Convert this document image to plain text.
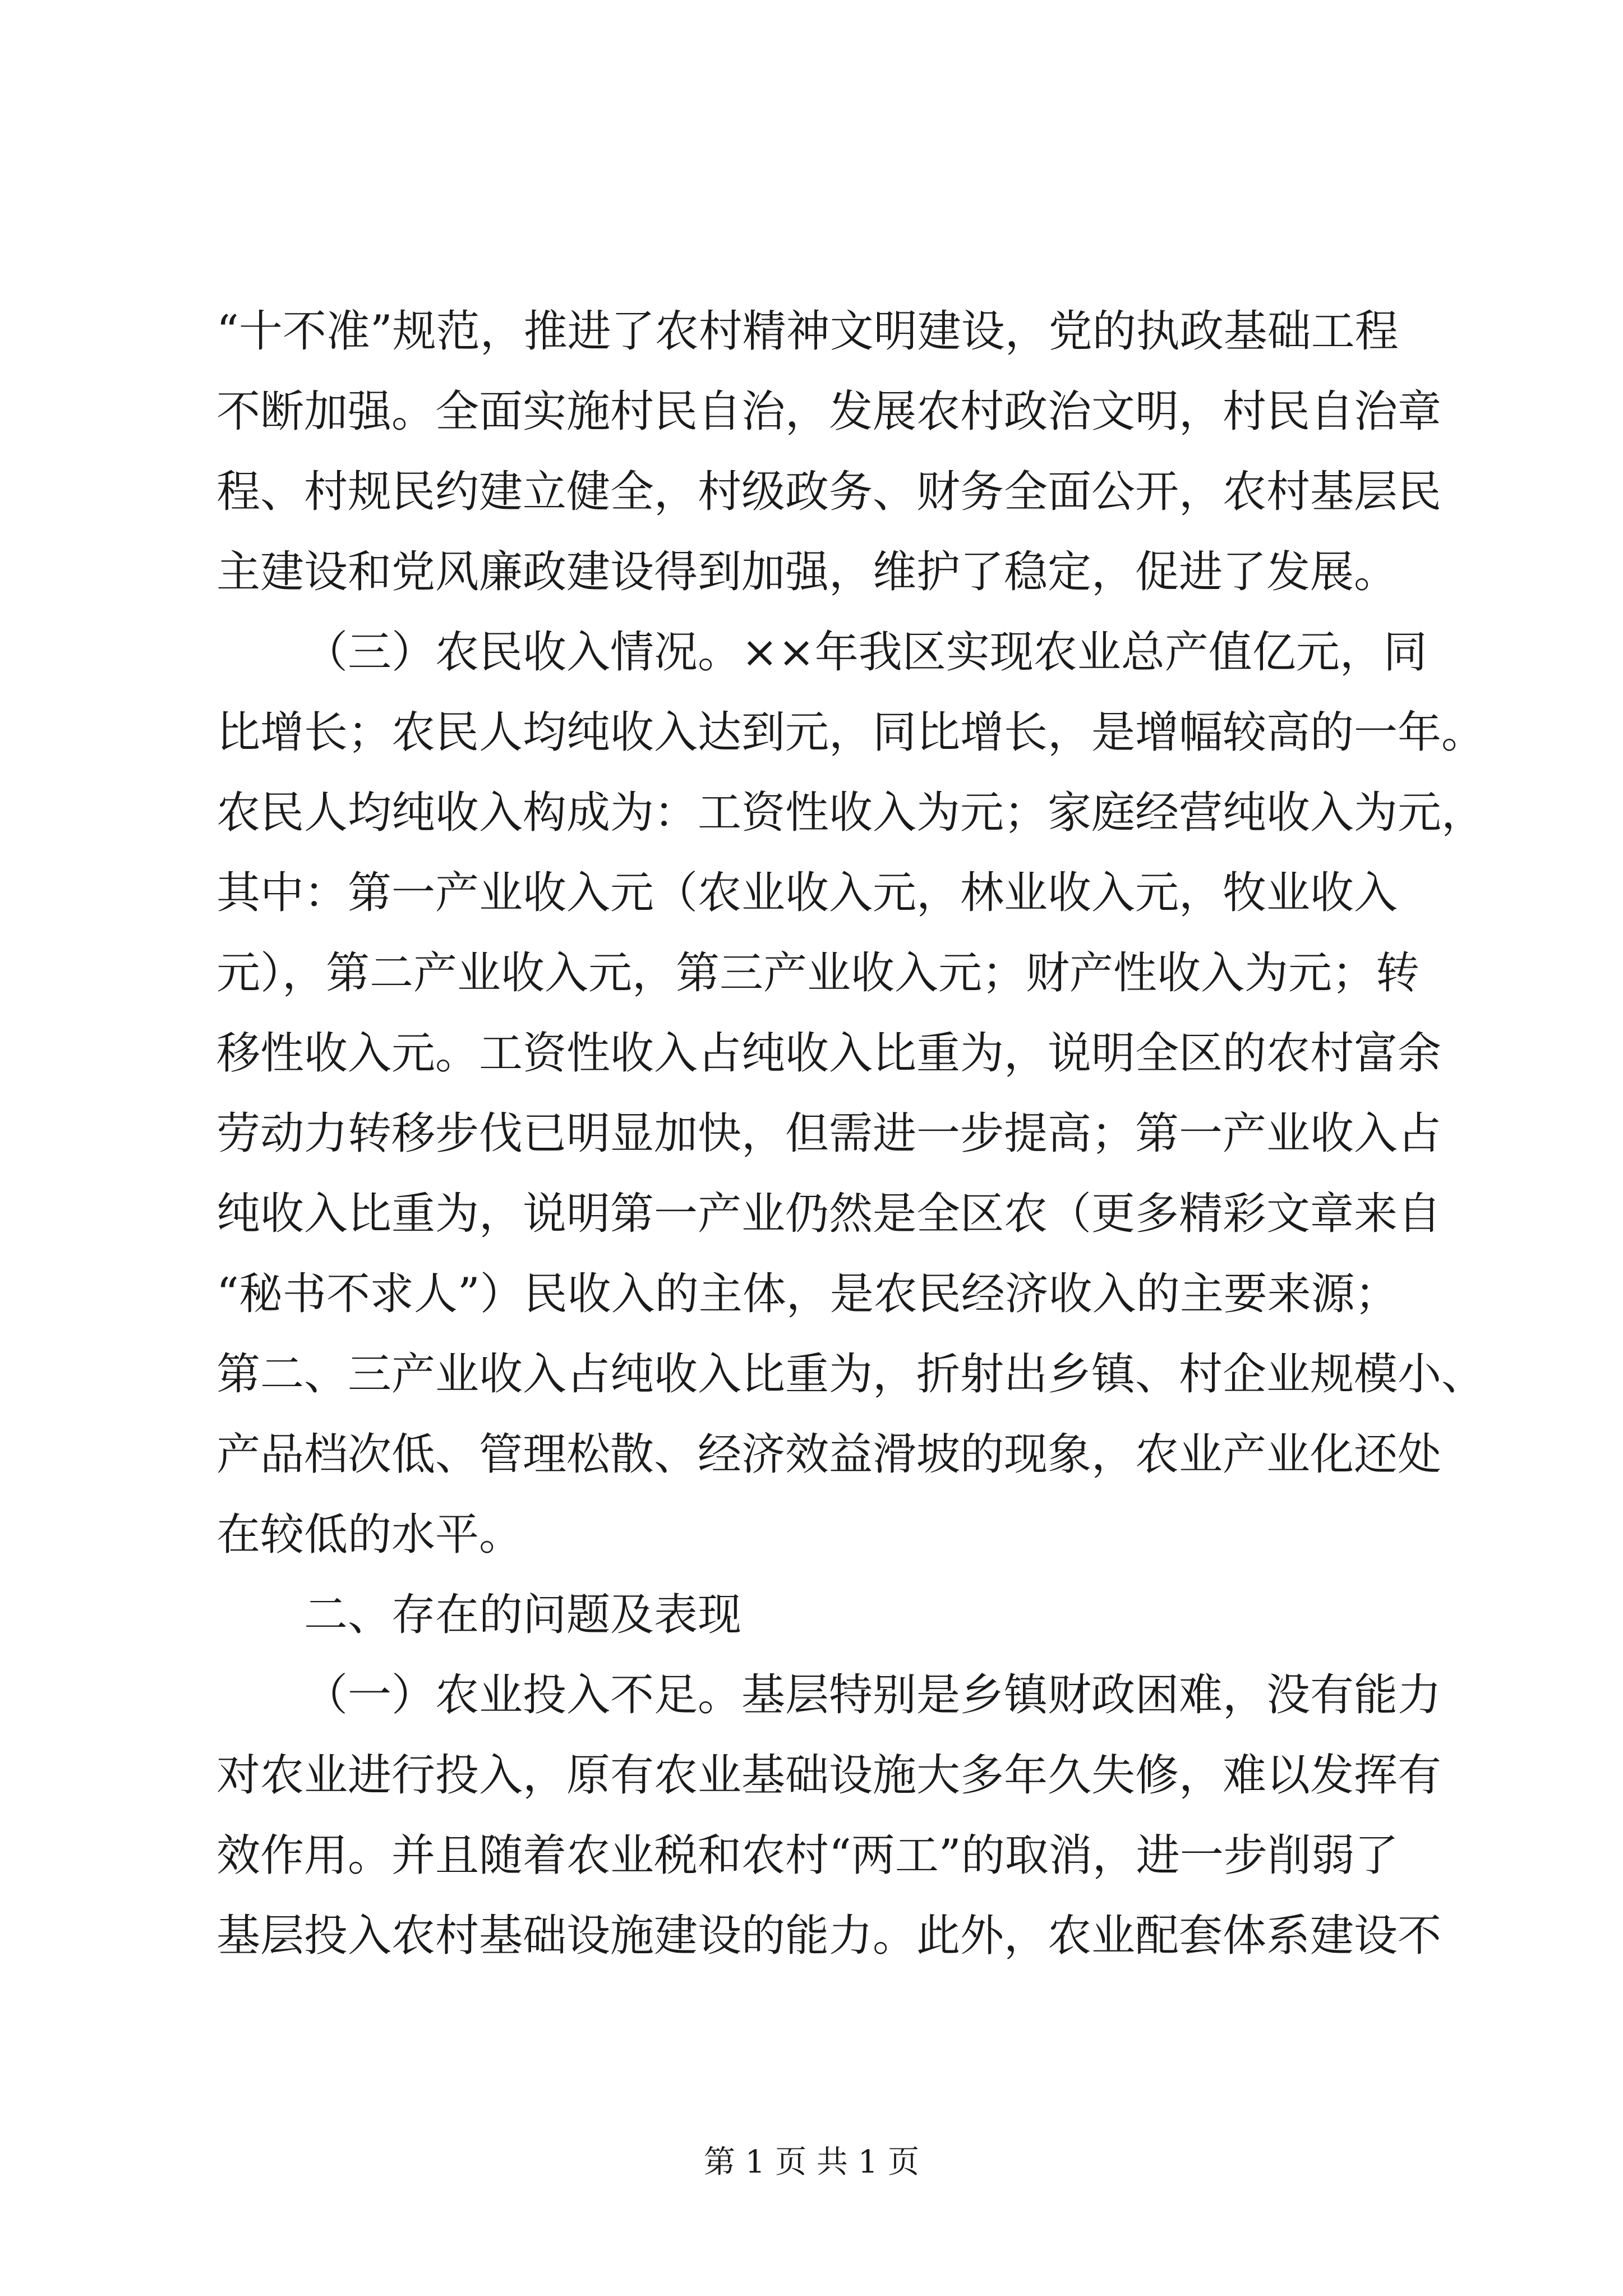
“十不准”规范，推进了农村精神文明建设，党的执政基础工程
不断加强。全面实施村民自治，发展农村政治文明，村民自治章
程、村规民约建立健全，村级政务、财务全面公开，农村基层民
主建设和党风廉政建设得到加强，维护了稳定，促进了发展。
（三）农民收入情况。××年我区实现农业总产值亿元，同
比增长；农民人均纯收入达到元，同比增长，是增幅较高的一年。
农民人均纯收入构成为：工资性收入为元；家庭经营纯收入为元，
其中：第一产业收入元（农业收入元，林业收入元，牧业收入
元），第二产业收入元，第三产业收入元；财产性收入为元；转
移性收入元。工资性收入占纯收入比重为，说明全区的农村富余
劳动力转移步伐已明显加快，但需进一步提高；第一产业收入占
纯收入比重为，说明第一产业仍然是全区农（更多精彩文章来自
“秘书不求人”）民收入的主体，是农民经济收入的主要来源；
第二、三产业收入占纯收入比重为，折射出乡镇、村企业规模小、
产品档次低、管理松散、经济效益滑坡的现象，农业产业化还处
在较低的水平。
二、存在的问题及表现
（一）农业投入不足。基层特别是乡镇财政困难，没有能力
对农业进行投入，原有农业基础设施大多年久失修，难以发挥有
效作用。并且随着农业税和农村“两工”的取消，进一步削弱了
基层投入农村基础设施建设的能力。此外，农业配套体系建设不
第 1 页 共 1 页
